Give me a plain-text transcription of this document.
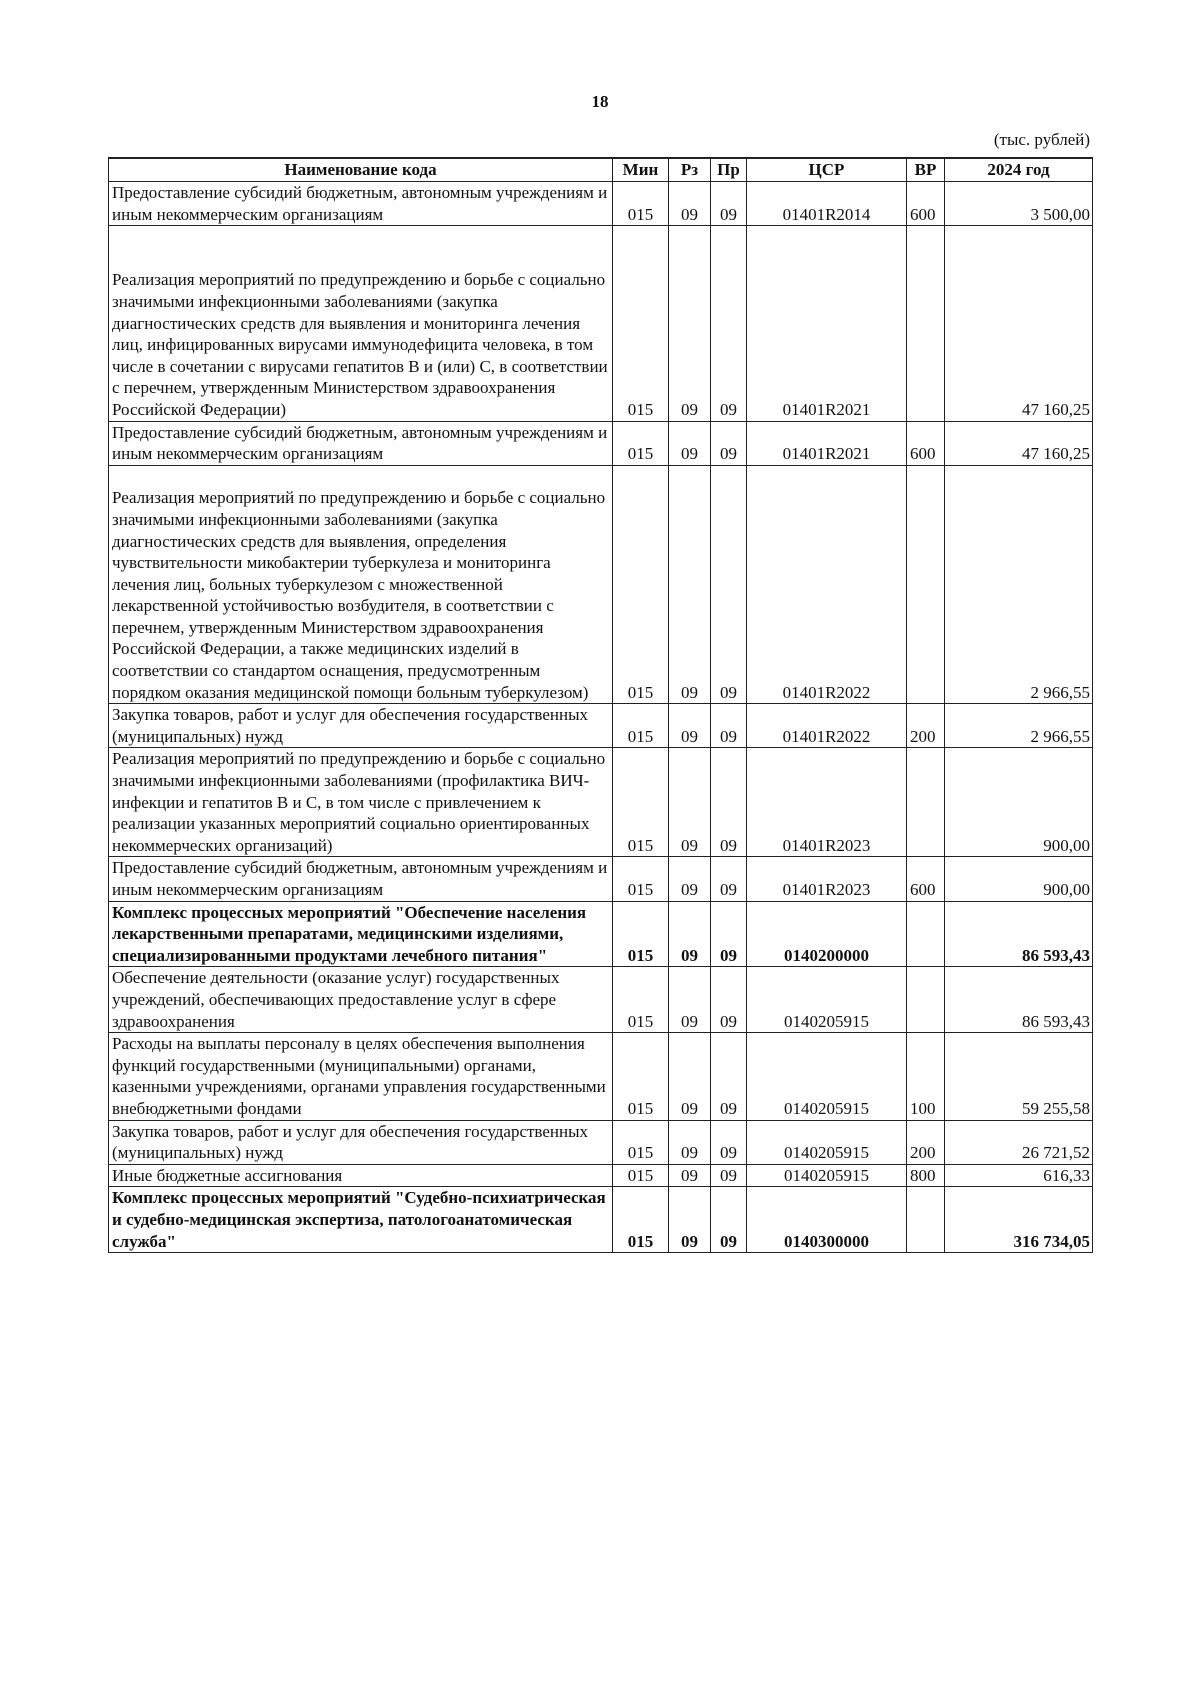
18
(тыс. рублей)
Наименование кода	Мин	Рз	Пр	ЦСР	ВР	2024 год
Предоставление субсидий бюджетным, автономным учреждениям и иным некоммерческим организациям	015	09	09	01401R2014	600	3 500,00

Реализация мероприятий по предупреждению и борьбе с социально значимыми инфекционными заболеваниями (закупка диагностических средств для выявления и мониторинга лечения лиц, инфицированных вирусами иммунодефицита человека, в том числе в сочетании с вирусами гепатитов В и (или) С, в соответствии с перечнем, утвержденным Министерством здравоохранения Российской Федерации)	015	09	09	01401R2021		47 160,25
Предоставление субсидий бюджетным, автономным учреждениям и иным некоммерческим организациям	015	09	09	01401R2021	600	47 160,25

Реализация мероприятий по предупреждению и борьбе с социально значимыми инфекционными заболеваниями (закупка диагностических средств для выявления, определения чувствительности микобактерии туберкулеза и мониторинга лечения лиц, больных туберкулезом с множественной лекарственной устойчивостью возбудителя, в соответствии с перечнем, утвержденным Министерством здравоохранения Российской Федерации, а также медицинских изделий в соответствии со стандартом оснащения, предусмотренным порядком оказания медицинской помощи больным туберкулезом)	015	09	09	01401R2022		2 966,55
Закупка товаров, работ и услуг для обеспечения государственных (муниципальных) нужд	015	09	09	01401R2022	200	2 966,55
Реализация мероприятий по предупреждению и борьбе с социально значимыми инфекционными заболеваниями (профилактика ВИЧ-инфекции и гепатитов В и С, в том числе с привлечением к реализации указанных мероприятий социально ориентированных некоммерческих организаций)	015	09	09	01401R2023		900,00
Предоставление субсидий бюджетным, автономным учреждениям и иным некоммерческим организациям	015	09	09	01401R2023	600	900,00
Комплекс процессных мероприятий "Обеспечение населения лекарственными препаратами, медицинскими изделиями, специализированными продуктами лечебного питания"	015	09	09	0140200000		86 593,43
Обеспечение деятельности (оказание услуг) государственных учреждений, обеспечивающих предоставление услуг в сфере здравоохранения	015	09	09	0140205915		86 593,43
Расходы на выплаты персоналу в целях обеспечения выполнения функций государственными (муниципальными) органами, казенными учреждениями, органами управления государственными внебюджетными фондами	015	09	09	0140205915	100	59 255,58
Закупка товаров, работ и услуг для обеспечения государственных (муниципальных) нужд	015	09	09	0140205915	200	26 721,52
Иные бюджетные ассигнования	015	09	09	0140205915	800	616,33
Комплекс процессных мероприятий "Судебно-психиатрическая и судебно-медицинская экспертиза, патологоанатомическая служба"	015	09	09	0140300000		316 734,05
